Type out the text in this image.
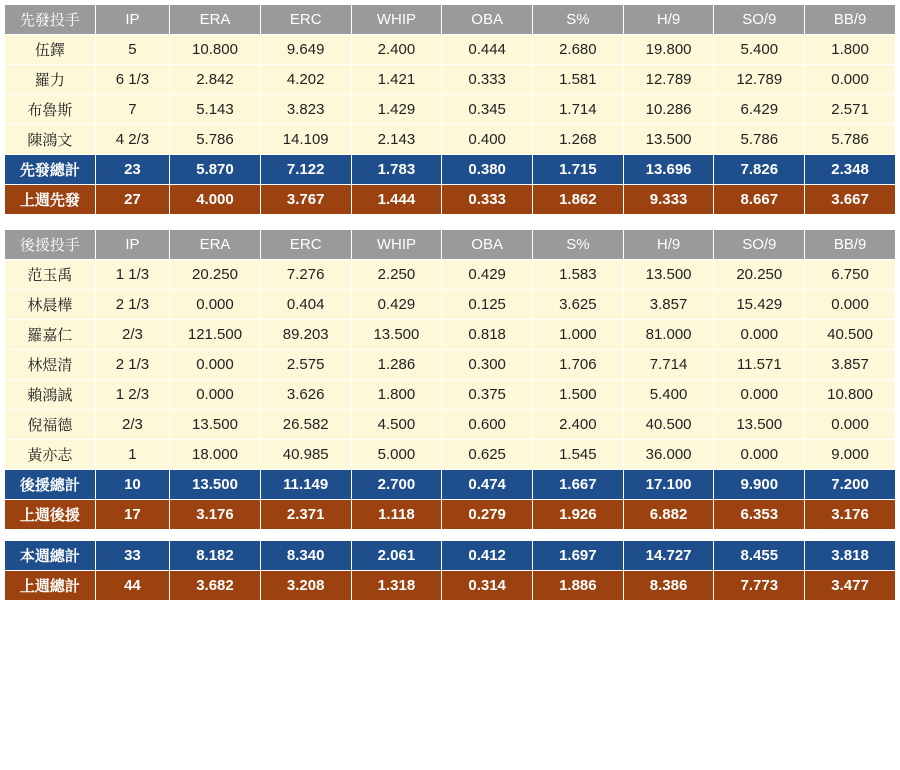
先發投手	IP	ERA	ERC	WHIP	OBA	S%	H/9	SO/9	BB/9
伍鐸	5	10.800	9.649	2.400	0.444	2.680	19.800	5.400	1.800
羅力	6 1/3	2.842	4.202	1.421	0.333	1.581	12.789	12.789	0.000
布魯斯	7	5.143	3.823	1.429	0.345	1.714	10.286	6.429	2.571
陳鴻文	4 2/3	5.786	14.109	2.143	0.400	1.268	13.500	5.786	5.786
先發總計	23	5.870	7.122	1.783	0.380	1.715	13.696	7.826	2.348
上週先發	27	4.000	3.767	1.444	0.333	1.862	9.333	8.667	3.667
後援投手	IP	ERA	ERC	WHIP	OBA	S%	H/9	SO/9	BB/9
范玉禹	1 1/3	20.250	7.276	2.250	0.429	1.583	13.500	20.250	6.750
林晨樺	2 1/3	0.000	0.404	0.429	0.125	3.625	3.857	15.429	0.000
羅嘉仁	2/3	121.500	89.203	13.500	0.818	1.000	81.000	0.000	40.500
林煜清	2 1/3	0.000	2.575	1.286	0.300	1.706	7.714	11.571	3.857
賴鴻誠	1 2/3	0.000	3.626	1.800	0.375	1.500	5.400	0.000	10.800
倪福德	2/3	13.500	26.582	4.500	0.600	2.400	40.500	13.500	0.000
黃亦志	1	18.000	40.985	5.000	0.625	1.545	36.000	0.000	9.000
後援總計	10	13.500	11.149	2.700	0.474	1.667	17.100	9.900	7.200
上週後援	17	3.176	2.371	1.118	0.279	1.926	6.882	6.353	3.176
本週總計	33	8.182	8.340	2.061	0.412	1.697	14.727	8.455	3.818
上週總計	44	3.682	3.208	1.318	0.314	1.886	8.386	7.773	3.477
